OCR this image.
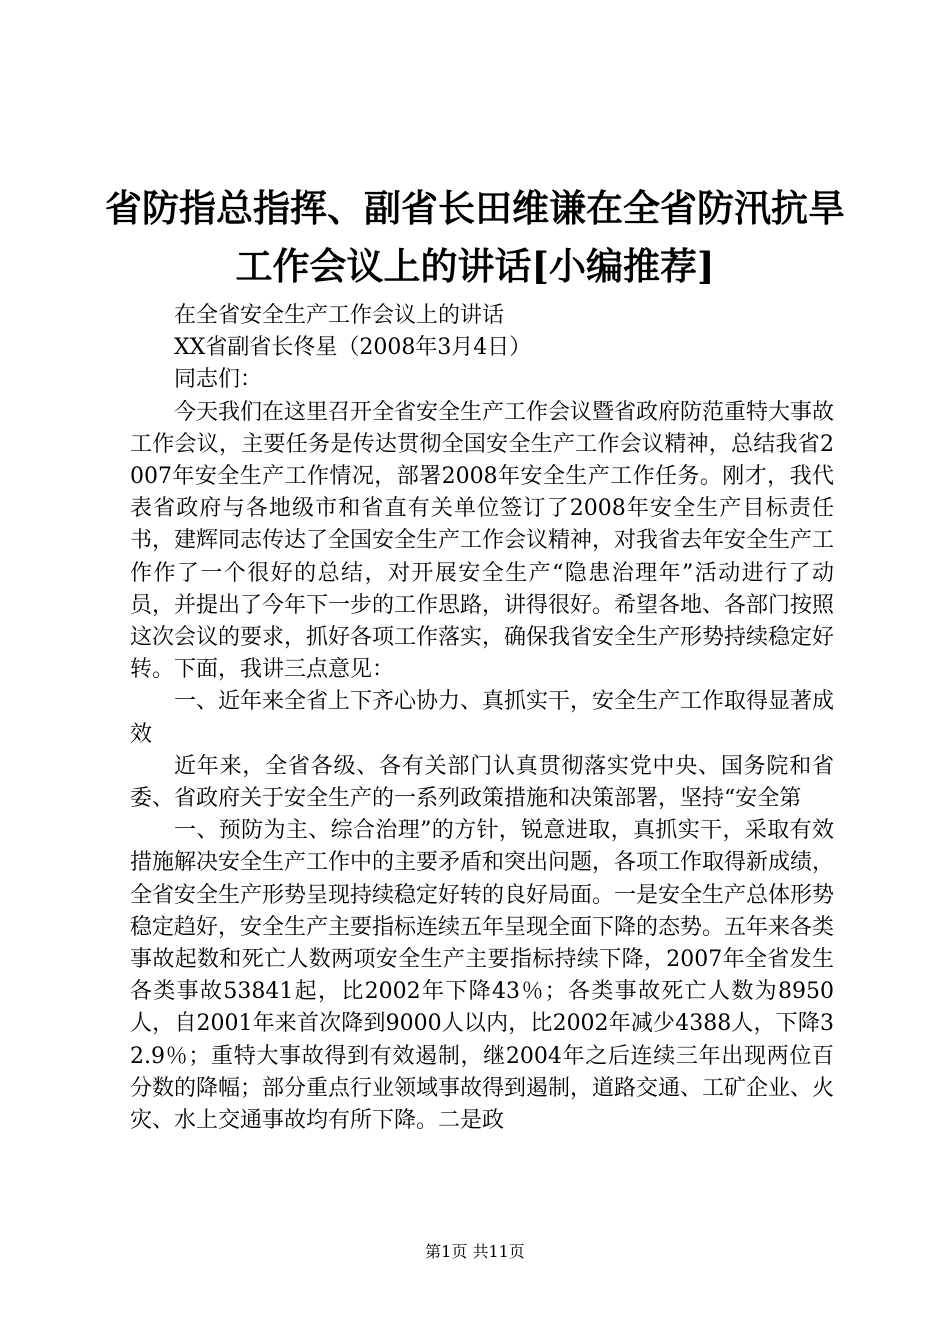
省防指总指挥、副省长田维谦在全省防汛抗旱
工作会议上的讲话[小编推荐]

在全省安全生产工作会议上的讲话

XX省副省长佟星（2008年3月4日）

同志们：

今天我们在这里召开全省安全生产工作会议暨省政府防范重特大事故工作会议，主要任务是传达贯彻全国安全生产工作会议精神，总结我省2007年安全生产工作情况，部署2008年安全生产工作任务。刚才，我代表省政府与各地级市和省直有关单位签订了2008年安全生产目标责任书，建辉同志传达了全国安全生产工作会议精神，对我省去年安全生产工作作了一个很好的总结，对开展安全生产“隐患治理年”活动进行了动员，并提出了今年下一步的工作思路，讲得很好。希望各地、各部门按照这次会议的要求，抓好各项工作落实，确保我省安全生产形势持续稳定好转。下面，我讲三点意见：

一、近年来全省上下齐心协力、真抓实干，安全生产工作取得显著成效

近年来，全省各级、各有关部门认真贯彻落实党中央、国务院和省委、省政府关于安全生产的一系列政策措施和决策部署，坚持“安全第

一、预防为主、综合治理”的方针，锐意进取，真抓实干，采取有效措施解决安全生产工作中的主要矛盾和突出问题，各项工作取得新成绩，全省安全生产形势呈现持续稳定好转的良好局面。一是安全生产总体形势稳定趋好，安全生产主要指标连续五年呈现全面下降的态势。五年来各类事故起数和死亡人数两项安全生产主要指标持续下降，2007年全省发生各类事故53841起，比2002年下降43％；各类事故死亡人数为8950人，自2001年来首次降到9000人以内，比2002年减少4388人，下降32.9％；重特大事故得到有效遏制，继2004年之后连续三年出现两位百分数的降幅；部分重点行业领域事故得到遏制，道路交通、工矿企业、火灾、水上交通事故均有所下降。二是政

第1页 共11页
